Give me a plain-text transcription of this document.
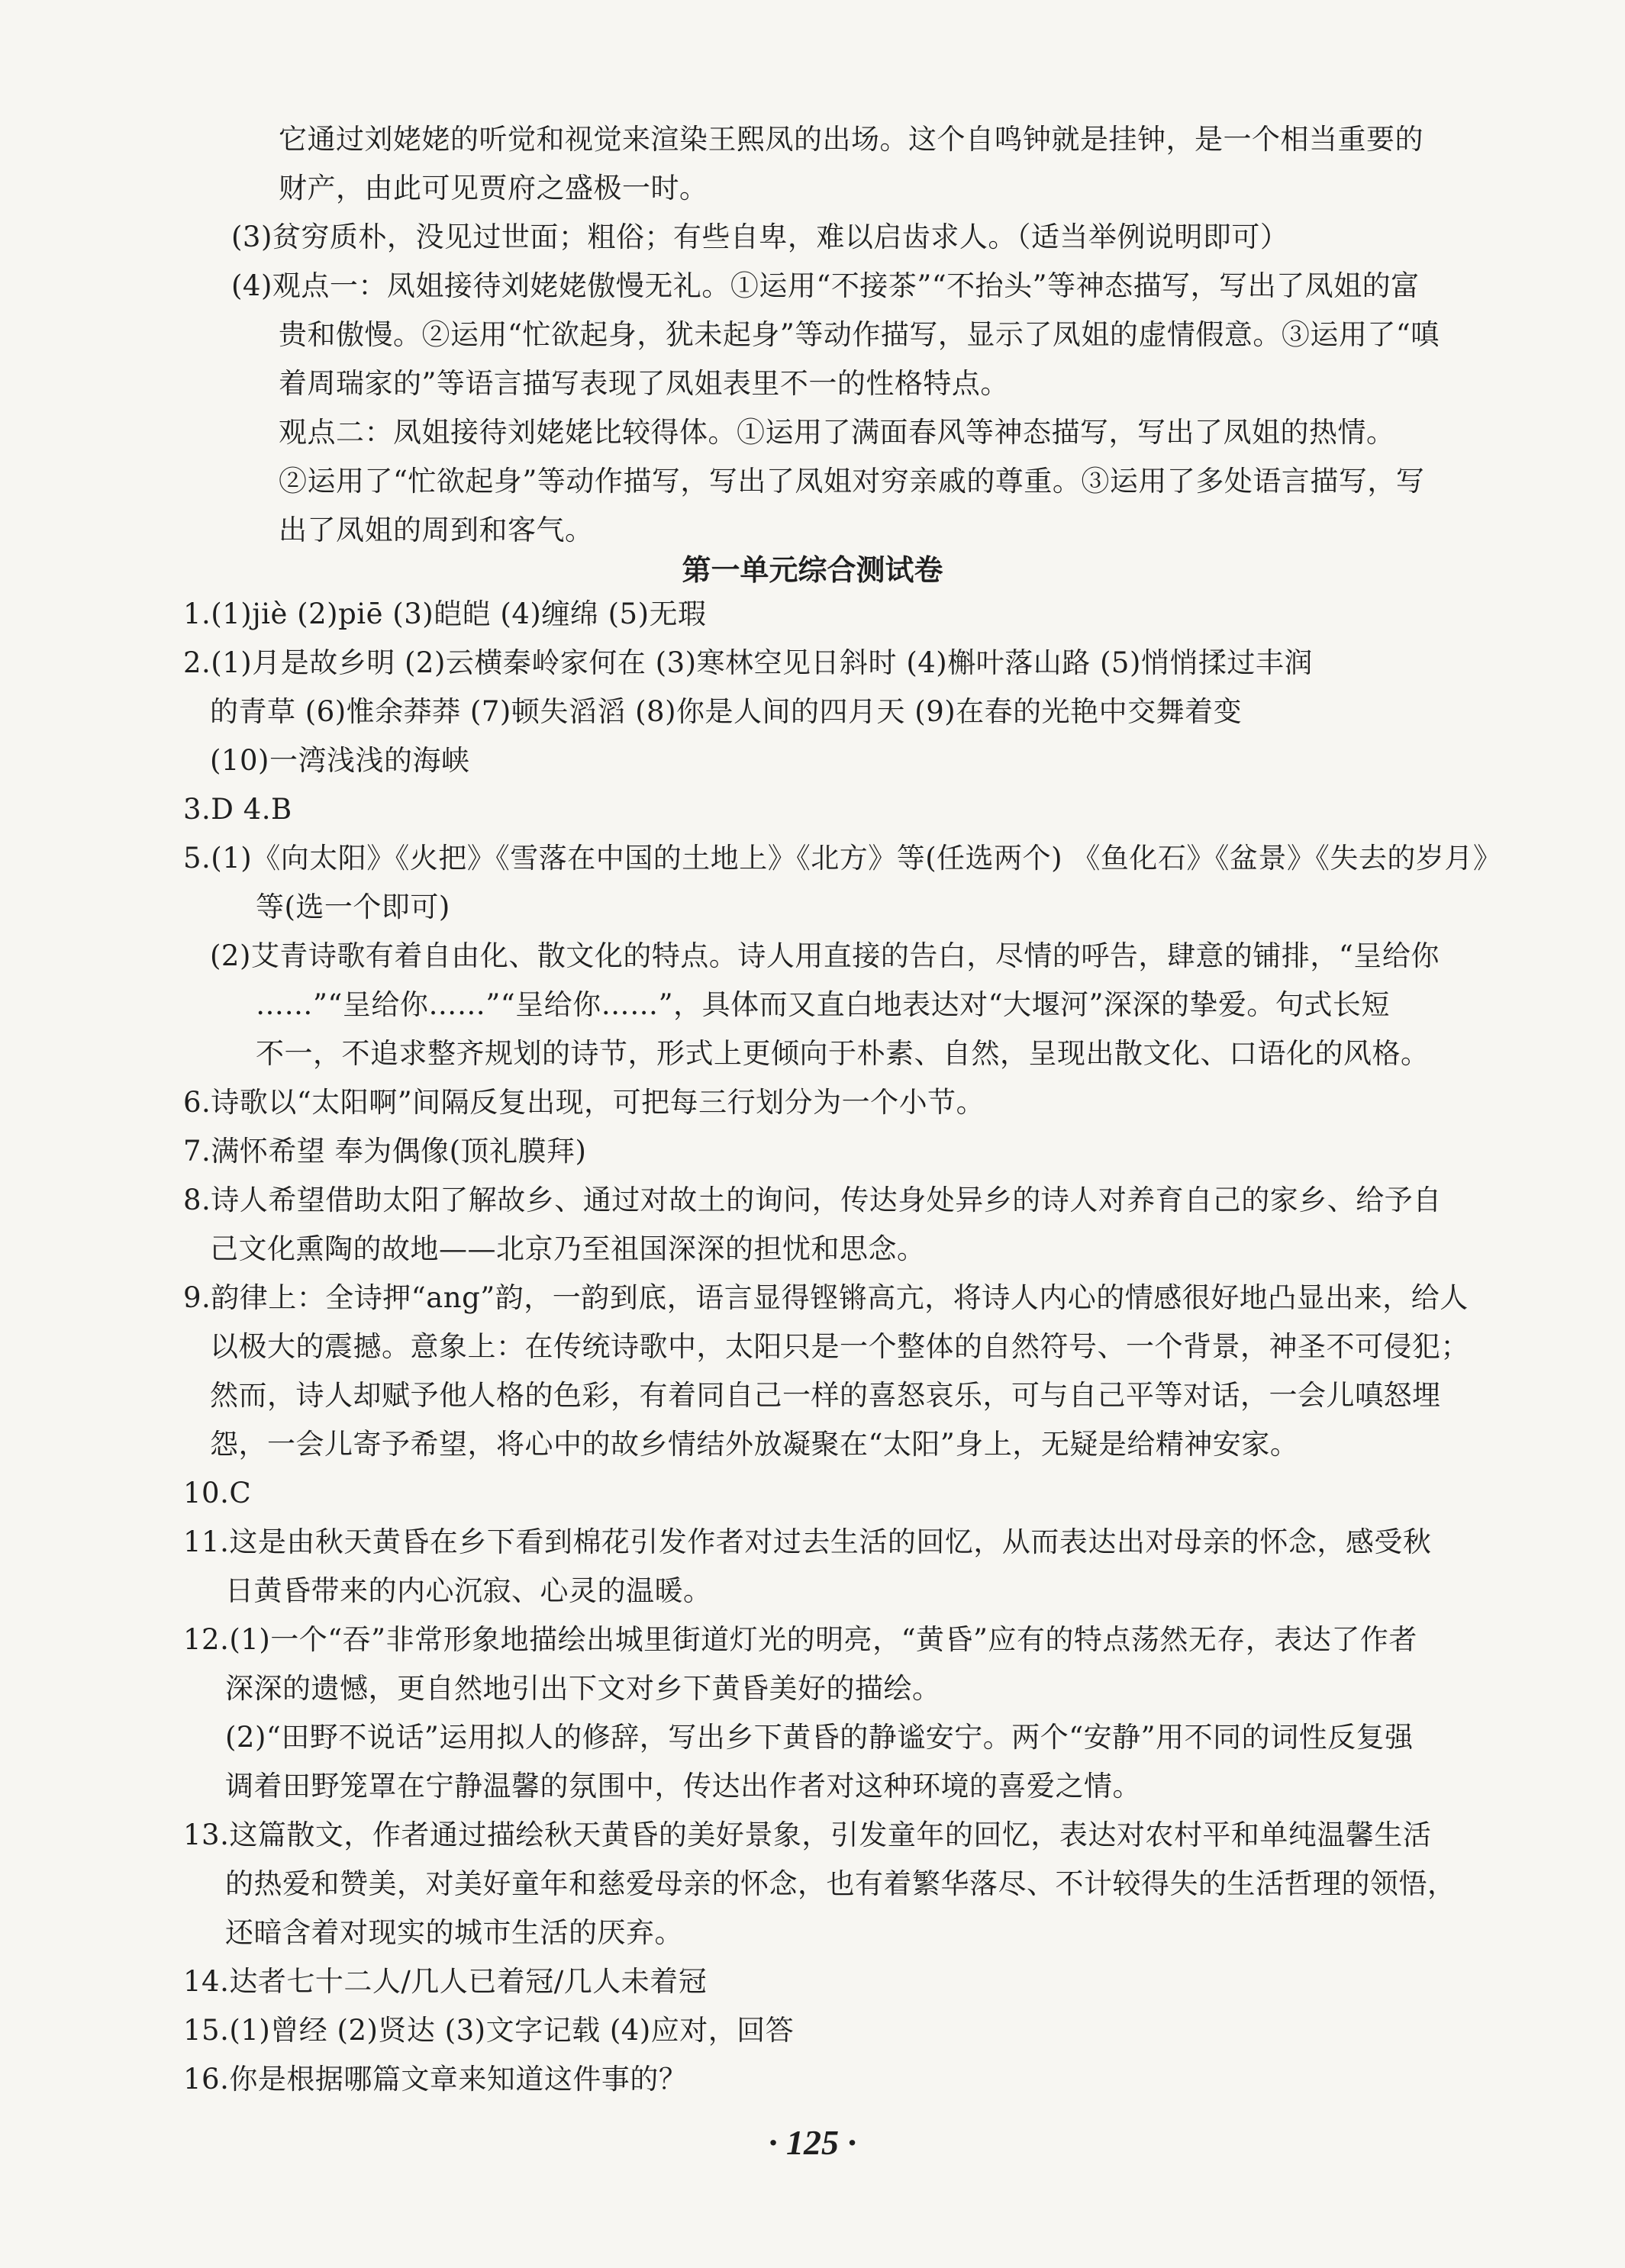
它通过刘姥姥的听觉和视觉来渲染王熙凤的出场。这个自鸣钟就是挂钟，是一个相当重要的
财产，由此可见贾府之盛极一时。
(3)贫穷质朴，没见过世面；粗俗；有些自卑，难以启齿求人。（适当举例说明即可）
(4)观点一：凤姐接待刘姥姥傲慢无礼。①运用“不接茶”“不抬头”等神态描写，写出了凤姐的富
贵和傲慢。②运用“忙欲起身，犹未起身”等动作描写，显示了凤姐的虚情假意。③运用了“嗔
着周瑞家的”等语言描写表现了凤姐表里不一的性格特点。
观点二：凤姐接待刘姥姥比较得体。①运用了满面春风等神态描写，写出了凤姐的热情。
②运用了“忙欲起身”等动作描写，写出了凤姐对穷亲戚的尊重。③运用了多处语言描写，写
出了凤姐的周到和客气。
第一单元综合测试卷
1.(1)jiè (2)piē (3)皑皑 (4)缠绵 (5)无瑕
2.(1)月是故乡明 (2)云横秦岭家何在 (3)寒林空见日斜时 (4)槲叶落山路 (5)悄悄揉过丰润
的青草 (6)惟余莽莽 (7)顿失滔滔 (8)你是人间的四月天 (9)在春的光艳中交舞着变
(10)一湾浅浅的海峡
3.D 4.B
5.(1)《向太阳》《火把》《雪落在中国的土地上》《北方》等(任选两个) 《鱼化石》《盆景》《失去的岁月》
等(选一个即可)
(2)艾青诗歌有着自由化、散文化的特点。诗人用直接的告白，尽情的呼告，肆意的铺排，“呈给你
……”“呈给你……”“呈给你……”，具体而又直白地表达对“大堰河”深深的挚爱。句式长短
不一，不追求整齐规划的诗节，形式上更倾向于朴素、自然，呈现出散文化、口语化的风格。
6.诗歌以“太阳啊”间隔反复出现，可把每三行划分为一个小节。
7.满怀希望 奉为偶像(顶礼膜拜)
8.诗人希望借助太阳了解故乡、通过对故土的询问，传达身处异乡的诗人对养育自己的家乡、给予自
己文化熏陶的故地——北京乃至祖国深深的担忧和思念。
9.韵律上：全诗押“ang”韵，一韵到底，语言显得铿锵高亢，将诗人内心的情感很好地凸显出来，给人
以极大的震撼。意象上：在传统诗歌中，太阳只是一个整体的自然符号、一个背景，神圣不可侵犯；
然而，诗人却赋予他人格的色彩，有着同自己一样的喜怒哀乐，可与自己平等对话，一会儿嗔怒埋
怨，一会儿寄予希望，将心中的故乡情结外放凝聚在“太阳”身上，无疑是给精神安家。
10.C
11.这是由秋天黄昏在乡下看到棉花引发作者对过去生活的回忆，从而表达出对母亲的怀念，感受秋
日黄昏带来的内心沉寂、心灵的温暖。
12.(1)一个“吞”非常形象地描绘出城里街道灯光的明亮，“黄昏”应有的特点荡然无存，表达了作者
深深的遗憾，更自然地引出下文对乡下黄昏美好的描绘。
(2)“田野不说话”运用拟人的修辞，写出乡下黄昏的静谧安宁。两个“安静”用不同的词性反复强
调着田野笼罩在宁静温馨的氛围中，传达出作者对这种环境的喜爱之情。
13.这篇散文，作者通过描绘秋天黄昏的美好景象，引发童年的回忆，表达对农村平和单纯温馨生活
的热爱和赞美，对美好童年和慈爱母亲的怀念，也有着繁华落尽、不计较得失的生活哲理的领悟，
还暗含着对现实的城市生活的厌弃。
14.达者七十二人/几人已着冠/几人未着冠
15.(1)曾经 (2)贤达 (3)文字记载 (4)应对，回答
16.你是根据哪篇文章来知道这件事的？
· 125 ·
